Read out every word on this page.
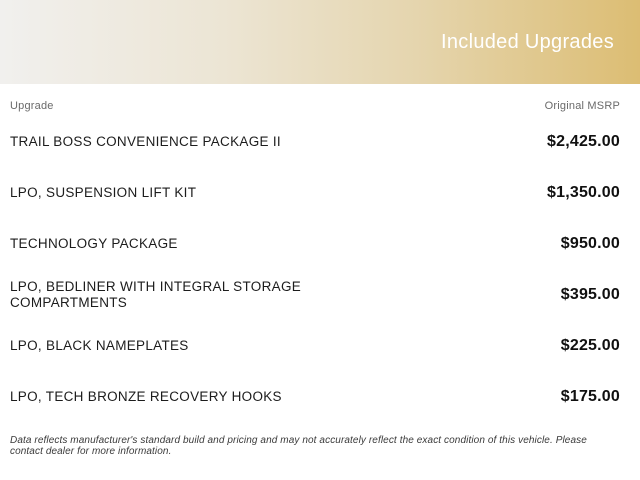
Included Upgrades
Upgrade	Original MSRP
TRAIL BOSS CONVENIENCE PACKAGE II	$2,425.00
LPO, SUSPENSION LIFT KIT	$1,350.00
TECHNOLOGY PACKAGE	$950.00
LPO, BEDLINER WITH INTEGRAL STORAGE COMPARTMENTS	$395.00
LPO, BLACK NAMEPLATES	$225.00
LPO, TECH BRONZE RECOVERY HOOKS	$175.00
Data reflects manufacturer's standard build and pricing and may not accurately reflect the exact condition of this vehicle. Please contact dealer for more information.
